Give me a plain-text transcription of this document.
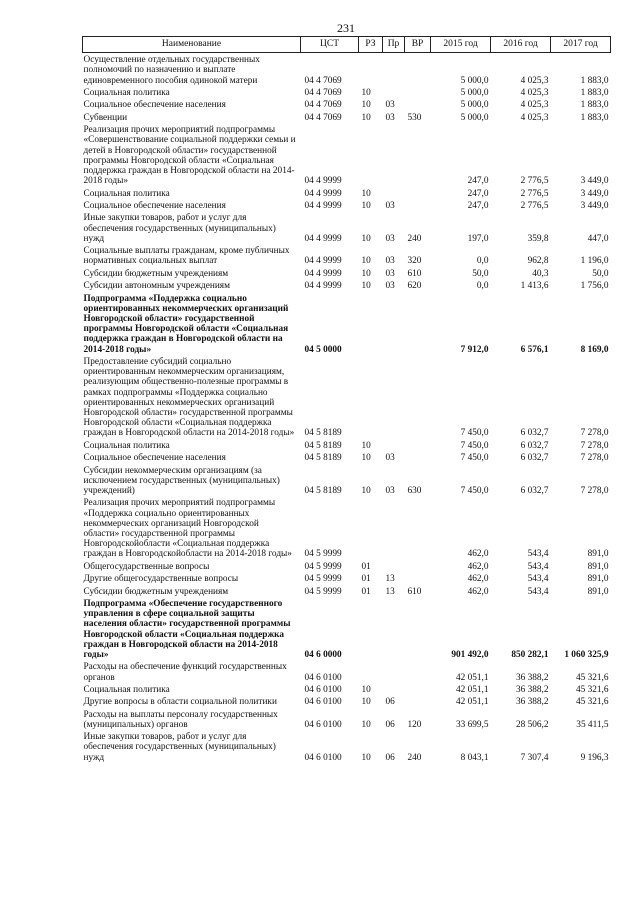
231
Наименование	ЦСТ	РЗ	Пр	ВР	2015 год	2016 год	2017 год
Осуществление отдельных государственных полномочий по назначению и выплате единовременного пособия одинокой матери	04 4 7069				5 000,0	4 025,3	1 883,0
Социальная политика	04 4 7069	10			5 000,0	4 025,3	1 883,0
Социальное обеспечение населения	04 4 7069	10	03		5 000,0	4 025,3	1 883,0
Субвенции	04 4 7069	10	03	530	5 000,0	4 025,3	1 883,0
Реализация прочих мероприятий подпрограммы «Совершенствование социальной поддержки семьи и детей в Новгородской области» государственной программы Новгородской области «Социальная поддержка граждан в Новгородской области на 2014-2018 годы»	04 4 9999				247,0	2 776,5	3 449,0
Социальная политика	04 4 9999	10			247,0	2 776,5	3 449,0
Социальное обеспечение населения	04 4 9999	10	03		247,0	2 776,5	3 449,0
Иные закупки товаров, работ и услуг для обеспечения государственных (муниципальных) нужд	04 4 9999	10	03	240	197,0	359,8	447,0
Социальные выплаты гражданам, кроме публичных нормативных социальных выплат	04 4 9999	10	03	320	0,0	962,8	1 196,0
Субсидии бюджетным учреждениям	04 4 9999	10	03	610	50,0	40,3	50,0
Субсидии автономным учреждениям	04 4 9999	10	03	620	0,0	1 413,6	1 756,0
Подпрограмма «Поддержка социально ориентированных некоммерческих организаций Новгородской области» государственной программы Новгородской области «Социальная поддержка граждан в Новгородской области на 2014-2018 годы»	04 5 0000				7 912,0	6 576,1	8 169,0
Предоставление субсидий социально ориентированным некоммерческим организациям, реализующим общественно-полезные программы в рамках подпрограммы «Поддержка социально ориентированных некоммерческих организаций Новгородской области» государственной программы Новгородской области «Социальная поддержка граждан в Новгородской области на 2014-2018 годы»	04 5 8189				7 450,0	6 032,7	7 278,0
Социальная политика	04 5 8189	10			7 450,0	6 032,7	7 278,0
Социальное обеспечение населения	04 5 8189	10	03		7 450,0	6 032,7	7 278,0
Субсидии некоммерческим организациям (за исключением государственных (муниципальных) учреждений)	04 5 8189	10	03	630	7 450,0	6 032,7	7 278,0
Реализация прочих мероприятий подпрограммы «Поддержка социально ориентированных некоммерческих организаций Новгородской области» государственной программы Новгородскойобласти «Социальная поддержка граждан в Новгородскойобласти на 2014-2018 годы»	04 5 9999				462,0	543,4	891,0
Общегосударственные вопросы	04 5 9999	01			462,0	543,4	891,0
Другие общегосударственные вопросы	04 5 9999	01	13		462,0	543,4	891,0
Субсидии бюджетным учреждениям	04 5 9999	01	13	610	462,0	543,4	891,0
Подпрограмма «Обеспечение государственного управления в сфере социальной защиты населения области» государственной программы Новгородской области «Социальная поддержка граждан в Новгородской области на 2014-2018 годы»	04 6 0000				901 492,0	850 282,1	1 060 325,9
Расходы на обеспечение функций государственных органов	04 6 0100				42 051,1	36 388,2	45 321,6
Социальная политика	04 6 0100	10			42 051,1	36 388,2	45 321,6
Другие вопросы в области социальной политики	04 6 0100	10	06		42 051,1	36 388,2	45 321,6
Расходы на выплаты персоналу государственных (муниципальных) органов	04 6 0100	10	06	120	33 699,5	28 506,2	35 411,5
Иные закупки товаров, работ и услуг для обеспечения государственных (муниципальных) нужд	04 6 0100	10	06	240	8 043,1	7 307,4	9 196,3
